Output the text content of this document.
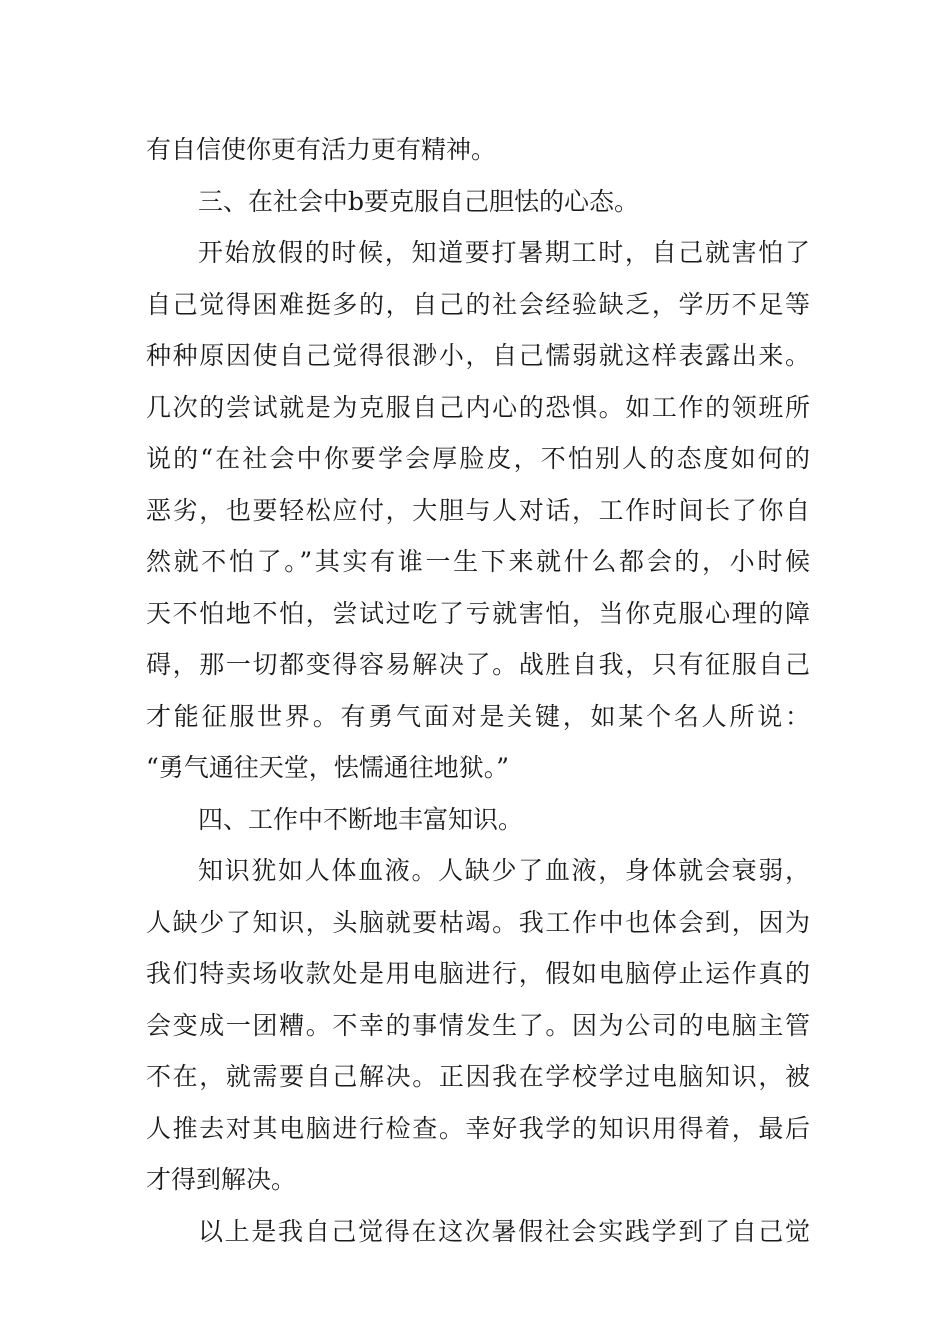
有自信使你更有活力更有精神。
三、在社会中b要克服自己胆怯的心态。
开始放假的时候，知道要打暑期工时，自己就害怕了
自己觉得困难挺多的，自己的社会经验缺乏，学历不足等
种种原因使自己觉得很渺小，自己懦弱就这样表露出来。
几次的尝试就是为克服自己内心的恐惧。如工作的领班所
说的“在社会中你要学会厚脸皮，不怕别人的态度如何的
恶劣，也要轻松应付，大胆与人对话，工作时间长了你自
然就不怕了。”其实有谁一生下来就什么都会的，小时候
天不怕地不怕，尝试过吃了亏就害怕，当你克服心理的障
碍，那一切都变得容易解决了。战胜自我，只有征服自己
才能征服世界。有勇气面对是关键，如某个名人所说：
“勇气通往天堂，怯懦通往地狱。”
四、工作中不断地丰富知识。
知识犹如人体血液。人缺少了血液，身体就会衰弱，
人缺少了知识，头脑就要枯竭。我工作中也体会到，因为
我们特卖场收款处是用电脑进行，假如电脑停止运作真的
会变成一团糟。不幸的事情发生了。因为公司的电脑主管
不在，就需要自己解决。正因我在学校学过电脑知识，被
人推去对其电脑进行检查。幸好我学的知识用得着，最后
才得到解决。
以上是我自己觉得在这次暑假社会实践学到了自己觉
